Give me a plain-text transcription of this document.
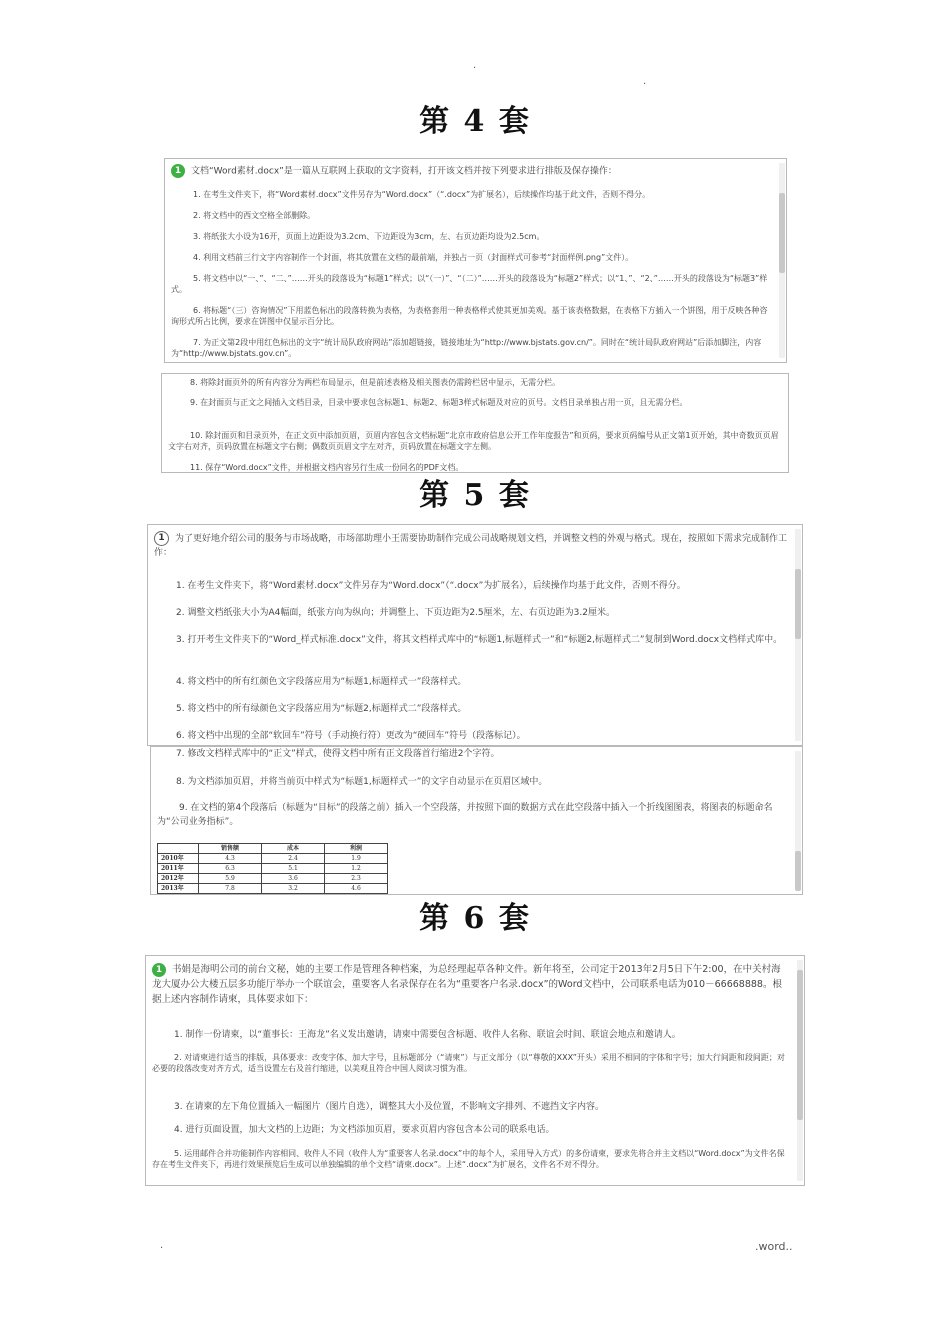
.
.
第 4 套
1 文档“Word素材.docx”是一篇从互联网上获取的文字资料，打开该文档并按下列要求进行排版及保存操作：
1. 在考生文件夹下，将“Word素材.docx”文件另存为“Word.docx”（“.docx”为扩展名），后续操作均基于此文件，否则不得分。
2. 将文档中的西文空格全部删除。
3. 将纸张大小设为16开，页面上边距设为3.2cm、下边距设为3cm，左、右页边距均设为2.5cm。
4. 利用文档前三行文字内容制作一个封面，将其放置在文档的最前端，并独占一页（封面样式可参考“封面样例.png”文件）。
5. 将文档中以“一、”、“二、”……开头的段落设为“标题1”样式；以“（一）”、“（二）”……开头的段落设为“标题2”样式；以“1、”、“2、”……开头的段落设为“标题3”样式。
6. 将标题“（三）咨询情况”下用蓝色标出的段落转换为表格，为表格套用一种表格样式使其更加美观。基于该表格数据，在表格下方插入一个饼图，用于反映各种咨询形式所占比例，要求在饼图中仅显示百分比。
7. 为正文第2段中用红色标出的文字“统计局队政府网站”添加超链接，链接地址为“http://www.bjstats.gov.cn/”。同时在“统计局队政府网站”后添加脚注，内容为“http://www.bjstats.gov.cn”。
8. 将除封面页外的所有内容分为两栏布局显示，但是前述表格及相关图表仍需跨栏居中显示，无需分栏。
9. 在封面页与正文之间插入文档目录，目录中要求包含标题1、标题2、标题3样式标题及对应的页号。文档目录单独占用一页，且无需分栏。
10. 除封面页和目录页外，在正文页中添加页眉，页眉内容包含文档标题“北京市政府信息公开工作年度报告”和页码，要求页码编号从正文第1页开始，其中奇数页页眉文字右对齐，页码放置在标题文字右侧；偶数页页眉文字左对齐，页码放置在标题文字左侧。
11. 保存“Word.docx”文件，并根据文档内容另行生成一份同名的PDF文档。
第 5 套
1 为了更好地介绍公司的服务与市场战略，市场部助理小王需要协助制作完成公司战略规划文档，并调整文档的外观与格式。现在，按照如下需求完成制作工作：
1. 在考生文件夹下，将“Word素材.docx”文件另存为“Word.docx”（“.docx”为扩展名），后续操作均基于此文件，否则不得分。
2. 调整文档纸张大小为A4幅面，纸张方向为纵向；并调整上、下页边距为2.5厘米，左、右页边距为3.2厘米。
3. 打开考生文件夹下的“Word_样式标准.docx”文件，将其文档样式库中的“标题1,标题样式一”和“标题2,标题样式二”复制到Word.docx文档样式库中。
4. 将文档中的所有红颜色文字段落应用为“标题1,标题样式一”段落样式。
5. 将文档中的所有绿颜色文字段落应用为“标题2,标题样式二”段落样式。
6. 将文档中出现的全部“软回车”符号（手动换行符）更改为“硬回车”符号（段落标记）。
7. 修改文档样式库中的“正文”样式，使得文档中所有正文段落首行缩进2个字符。
8. 为文档添加页眉，并将当前页中样式为“标题1,标题样式一”的文字自动显示在页眉区域中。
9. 在文档的第4个段落后（标题为“目标”的段落之前）插入一个空段落，并按照下面的数据方式在此空段落中插入一个折线图图表，将图表的标题命名为“公司业务指标”。
	销售额	成本	利润
2010年	4.3	2.4	1.9
2011年	6.3	5.1	1.2
2012年	5.9	3.6	2.3
2013年	7.8	3.2	4.6
第 6 套
1 书娟是海明公司的前台文秘，她的主要工作是管理各种档案，为总经理起草各种文件。新年将至，公司定于2013年2月5日下午2:00，在中关村海龙大厦办公大楼五层多功能厅举办一个联谊会，重要客人名录保存在名为“重要客户名录.docx”的Word文档中，公司联系电话为010－66668888。根据上述内容制作请柬，具体要求如下：
1. 制作一份请柬，以“董事长：王海龙”名义发出邀请，请柬中需要包含标题、收件人名称、联谊会时间、联谊会地点和邀请人。
2. 对请柬进行适当的排版，具体要求：改变字体、加大字号，且标题部分（“请柬”）与正文部分（以“尊敬的XXX”开头）采用不相同的字体和字号；加大行间距和段间距；对必要的段落改变对齐方式，适当设置左右及首行缩进，以美观且符合中国人阅读习惯为准。
3. 在请柬的左下角位置插入一幅图片（图片自选），调整其大小及位置，不影响文字排列、不遮挡文字内容。
4. 进行页面设置，加大文档的上边距；为文档添加页眉，要求页眉内容包含本公司的联系电话。
5. 运用邮件合并功能制作内容相同、收件人不同（收件人为“重要客人名录.docx”中的每个人，采用导入方式）的多份请柬，要求先将合并主文档以“Word.docx”为文件名保存在考生文件夹下，再进行效果预览后生成可以单独编辑的单个文档“请柬.docx”。上述“.docx”为扩展名，文件名不对不得分。
.	.word..
